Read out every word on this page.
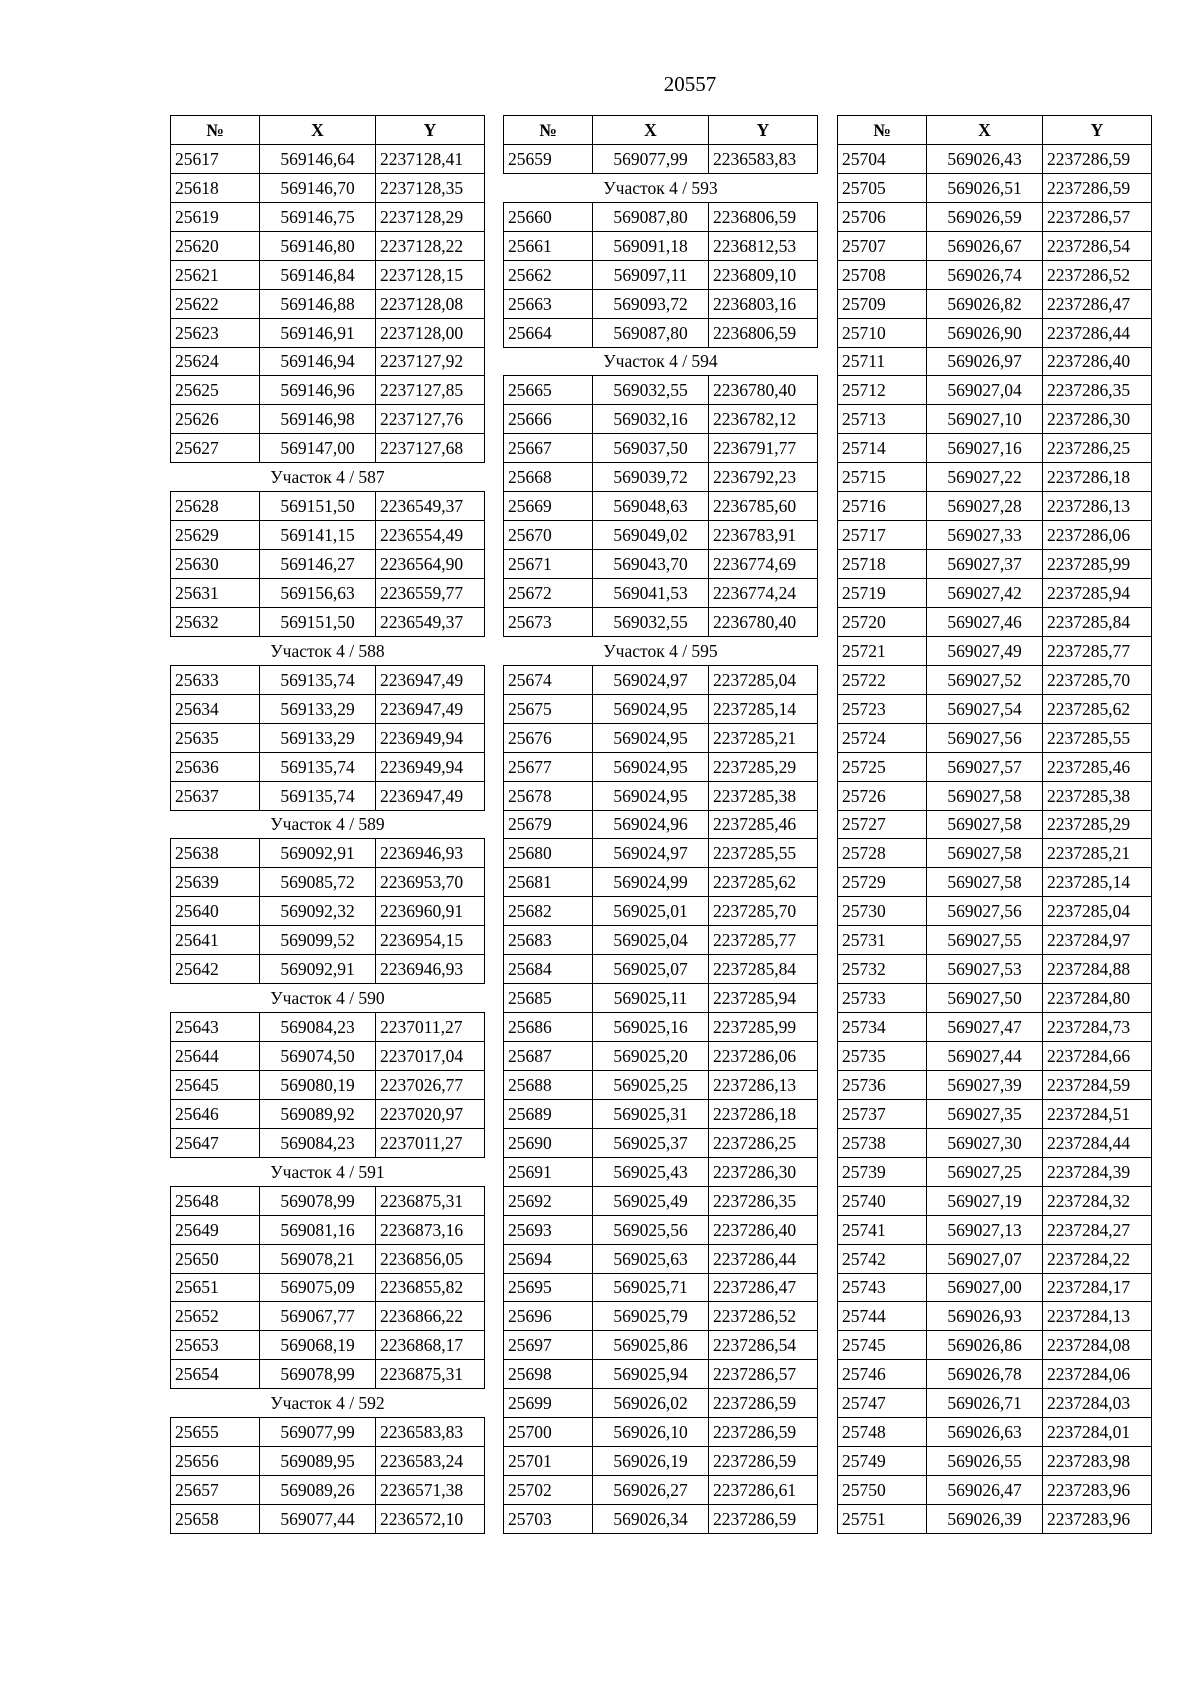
20557
№	X	Y
25617	569146,64	2237128,41
25618	569146,70	2237128,35
25619	569146,75	2237128,29
25620	569146,80	2237128,22
25621	569146,84	2237128,15
25622	569146,88	2237128,08
25623	569146,91	2237128,00
25624	569146,94	2237127,92
25625	569146,96	2237127,85
25626	569146,98	2237127,76
25627	569147,00	2237127,68
Участок 4 / 587		
25628	569151,50	2236549,37
25629	569141,15	2236554,49
25630	569146,27	2236564,90
25631	569156,63	2236559,77
25632	569151,50	2236549,37
Участок 4 / 588		
25633	569135,74	2236947,49
25634	569133,29	2236947,49
25635	569133,29	2236949,94
25636	569135,74	2236949,94
25637	569135,74	2236947,49
Участок 4 / 589		
25638	569092,91	2236946,93
25639	569085,72	2236953,70
25640	569092,32	2236960,91
25641	569099,52	2236954,15
25642	569092,91	2236946,93
Участок 4 / 590		
25643	569084,23	2237011,27
25644	569074,50	2237017,04
25645	569080,19	2237026,77
25646	569089,92	2237020,97
25647	569084,23	2237011,27
Участок 4 / 591		
25648	569078,99	2236875,31
25649	569081,16	2236873,16
25650	569078,21	2236856,05
25651	569075,09	2236855,82
25652	569067,77	2236866,22
25653	569068,19	2236868,17
25654	569078,99	2236875,31
Участок 4 / 592		
25655	569077,99	2236583,83
25656	569089,95	2236583,24
25657	569089,26	2236571,38
25658	569077,44	2236572,10
№	X	Y
25659	569077,99	2236583,83
Участок 4 / 593		
25660	569087,80	2236806,59
25661	569091,18	2236812,53
25662	569097,11	2236809,10
25663	569093,72	2236803,16
25664	569087,80	2236806,59
Участок 4 / 594		
25665	569032,55	2236780,40
25666	569032,16	2236782,12
25667	569037,50	2236791,77
25668	569039,72	2236792,23
25669	569048,63	2236785,60
25670	569049,02	2236783,91
25671	569043,70	2236774,69
25672	569041,53	2236774,24
25673	569032,55	2236780,40
Участок 4 / 595		
25674	569024,97	2237285,04
25675	569024,95	2237285,14
25676	569024,95	2237285,21
25677	569024,95	2237285,29
25678	569024,95	2237285,38
25679	569024,96	2237285,46
25680	569024,97	2237285,55
25681	569024,99	2237285,62
25682	569025,01	2237285,70
25683	569025,04	2237285,77
25684	569025,07	2237285,84
25685	569025,11	2237285,94
25686	569025,16	2237285,99
25687	569025,20	2237286,06
25688	569025,25	2237286,13
25689	569025,31	2237286,18
25690	569025,37	2237286,25
25691	569025,43	2237286,30
25692	569025,49	2237286,35
25693	569025,56	2237286,40
25694	569025,63	2237286,44
25695	569025,71	2237286,47
25696	569025,79	2237286,52
25697	569025,86	2237286,54
25698	569025,94	2237286,57
25699	569026,02	2237286,59
25700	569026,10	2237286,59
25701	569026,19	2237286,59
25702	569026,27	2237286,61
25703	569026,34	2237286,59
№	X	Y
25704	569026,43	2237286,59
25705	569026,51	2237286,59
25706	569026,59	2237286,57
25707	569026,67	2237286,54
25708	569026,74	2237286,52
25709	569026,82	2237286,47
25710	569026,90	2237286,44
25711	569026,97	2237286,40
25712	569027,04	2237286,35
25713	569027,10	2237286,30
25714	569027,16	2237286,25
25715	569027,22	2237286,18
25716	569027,28	2237286,13
25717	569027,33	2237286,06
25718	569027,37	2237285,99
25719	569027,42	2237285,94
25720	569027,46	2237285,84
25721	569027,49	2237285,77
25722	569027,52	2237285,70
25723	569027,54	2237285,62
25724	569027,56	2237285,55
25725	569027,57	2237285,46
25726	569027,58	2237285,38
25727	569027,58	2237285,29
25728	569027,58	2237285,21
25729	569027,58	2237285,14
25730	569027,56	2237285,04
25731	569027,55	2237284,97
25732	569027,53	2237284,88
25733	569027,50	2237284,80
25734	569027,47	2237284,73
25735	569027,44	2237284,66
25736	569027,39	2237284,59
25737	569027,35	2237284,51
25738	569027,30	2237284,44
25739	569027,25	2237284,39
25740	569027,19	2237284,32
25741	569027,13	2237284,27
25742	569027,07	2237284,22
25743	569027,00	2237284,17
25744	569026,93	2237284,13
25745	569026,86	2237284,08
25746	569026,78	2237284,06
25747	569026,71	2237284,03
25748	569026,63	2237284,01
25749	569026,55	2237283,98
25750	569026,47	2237283,96
25751	569026,39	2237283,96
